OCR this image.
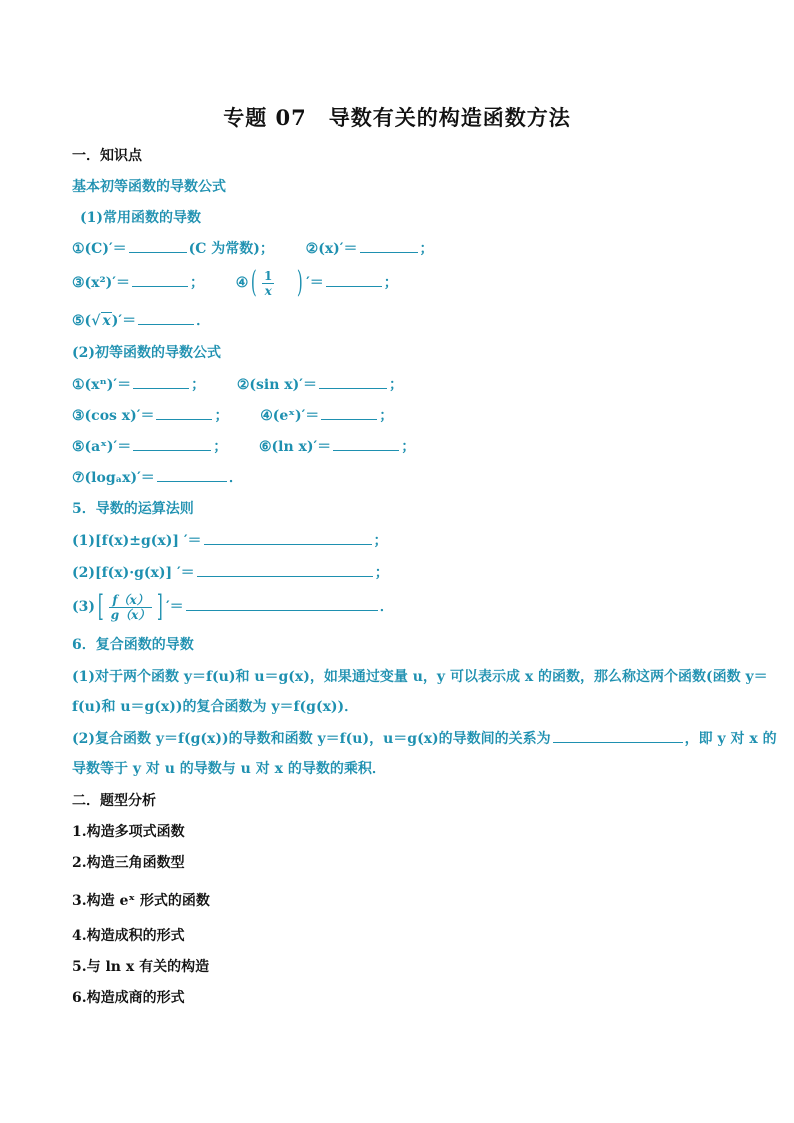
专题 07　导数有关的构造函数方法
一．知识点
基本初等函数的导数公式
(1)常用函数的导数
①(C)′＝	(C 为常数)； ②(x)′＝	；
③(x²)′＝	； ④( $\frac{1}{x}$ ) ′＝	；
⑤(√ x)′＝	．
(2)初等函数的导数公式
①(xⁿ)′＝	； ②(sin x)′＝	；
③(cos x)′＝	； ④(eˣ)′＝	；
⑤(aˣ)′＝	； ⑥(ln x)′＝	；
⑦(logₐx)′＝	．
5．导数的运算法则
(1)[f(x)±g(x)] ′＝	；
(2)[f(x)·g(x)] ′＝	；
$(3)[ \frac{f(x)}{g(x)}$ ] ′＝	．
6．复合函数的导数
(1)对于两个函数 y＝f(u)和 u＝g(x)，如果通过变量 u，y 可以表示成 x 的函数，那么称这两个函数(函数 y＝
f(u)和 u＝g(x))的复合函数为 y＝f(g(x))．
(2)复合函数 y＝f(g(x))的导数和函数 y＝f(u)，u＝g(x)的导数间的关系为	，即 y 对 x 的
导数等于 y 对 u 的导数与 u 对 x 的导数的乘积．
二．题型分析
1.构造多项式函数
2.构造三角函数型
3.构造 eˣ 形式的函数
4.构造成积的形式
5.与 ln x 有关的构造
6.构造成商的形式
